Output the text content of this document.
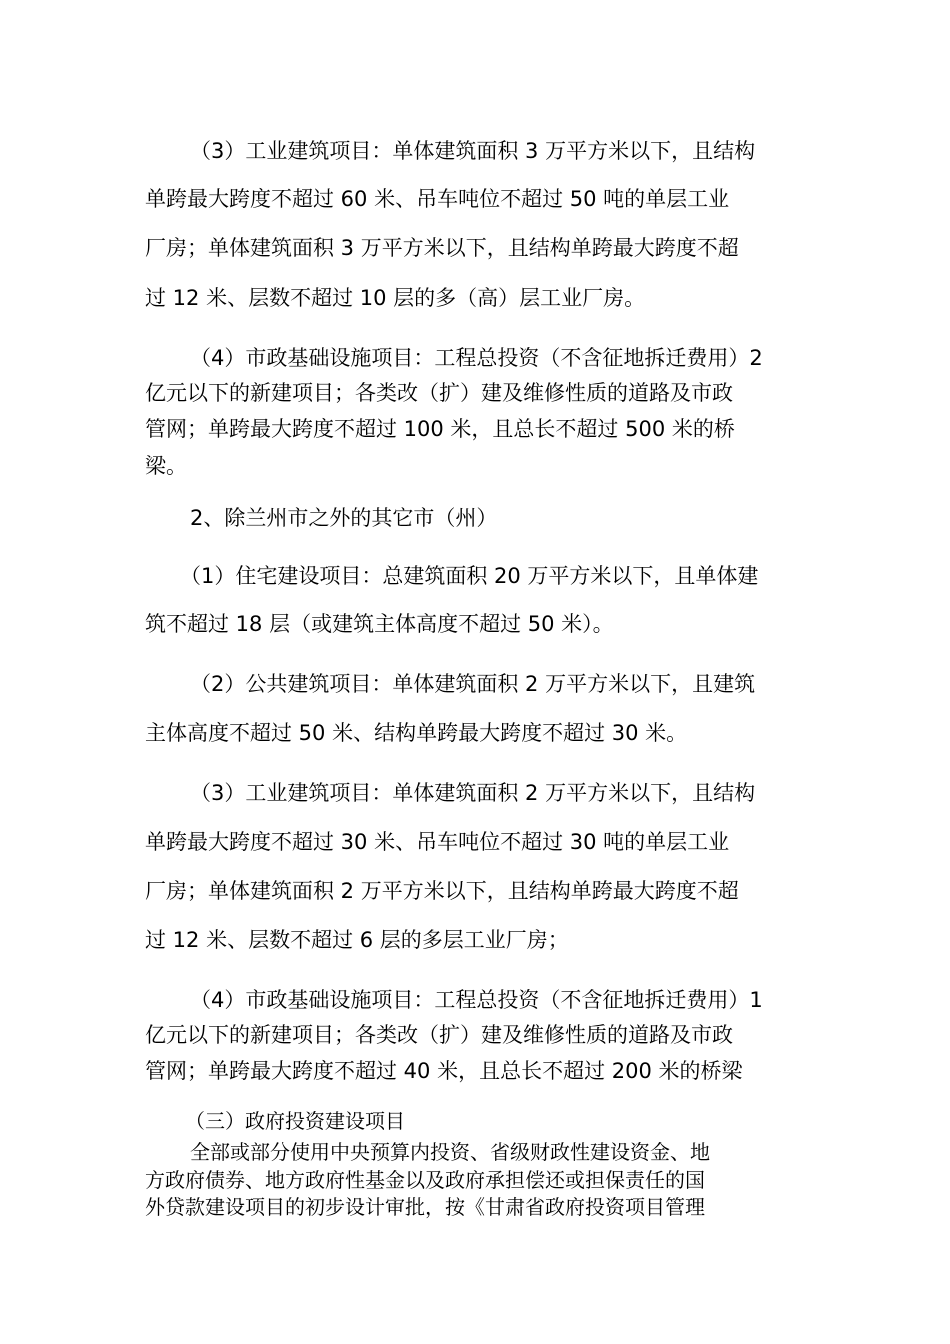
（3）工业建筑项目：单体建筑面积 3 万平方米以下，且结构
单跨最大跨度不超过 60 米、吊车吨位不超过 50 吨的单层工业
厂房；单体建筑面积 3 万平方米以下，且结构单跨最大跨度不超
过 12 米、层数不超过 10 层的多（高）层工业厂房。
（4）市政基础设施项目：工程总投资（不含征地拆迁费用）2
亿元以下的新建项目；各类改（扩）建及维修性质的道路及市政
管网；单跨最大跨度不超过 100 米，且总长不超过 500 米的桥
梁。
2、除兰州市之外的其它市（州）
（1）住宅建设项目：总建筑面积 20 万平方米以下，且单体建
筑不超过 18 层（或建筑主体高度不超过 50 米）。
（2）公共建筑项目：单体建筑面积 2 万平方米以下，且建筑
主体高度不超过 50 米、结构单跨最大跨度不超过 30 米。
（3）工业建筑项目：单体建筑面积 2 万平方米以下，且结构
单跨最大跨度不超过 30 米、吊车吨位不超过 30 吨的单层工业
厂房；单体建筑面积 2 万平方米以下，且结构单跨最大跨度不超
过 12 米、层数不超过 6 层的多层工业厂房；
（4）市政基础设施项目：工程总投资（不含征地拆迁费用）1
亿元以下的新建项目；各类改（扩）建及维修性质的道路及市政
管网；单跨最大跨度不超过 40 米，且总长不超过 200 米的桥梁
（三）政府投资建设项目
全部或部分使用中央预算内投资、省级财政性建设资金、地
方政府债券、地方政府性基金以及政府承担偿还或担保责任的国
外贷款建设项目的初步设计审批，按《甘肃省政府投资项目管理
